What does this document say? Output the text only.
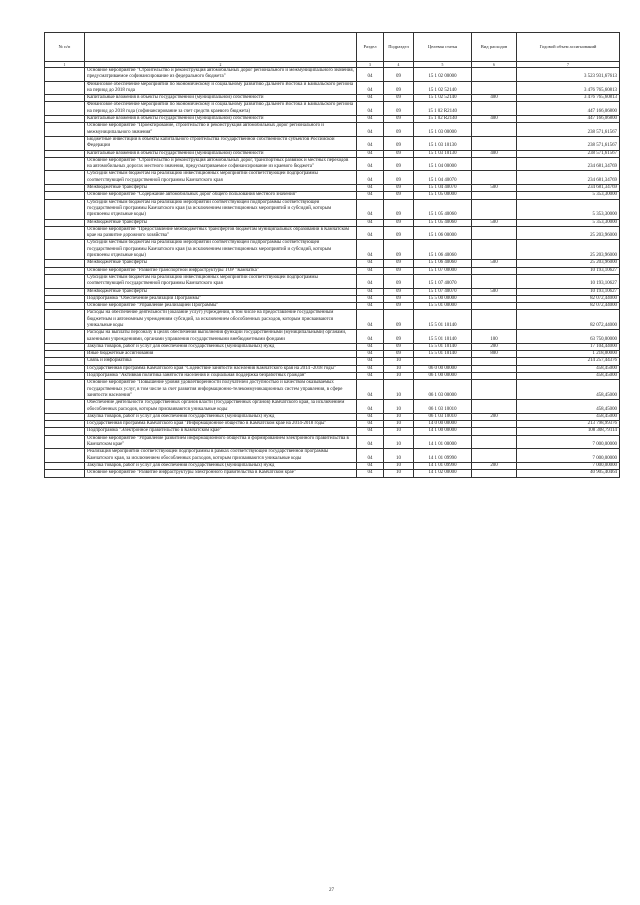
№ п/п		Раздел	Подраздел	Целевая статья	Вид расходов	Годовой объем ассигнований
1	2	3	4	5	6	7
	Основное мероприятие "Строительство и реконструкция автомобильных дорог регионального и межмуниципального значения, предусматриваемое софинансирование из федерального бюджета"	04	09	15 1 02 00000		3 523 931,67613
	Финансовое обеспечение мероприятий по экономическому и социальному развитию Дальнего Востока и Байкальского региона на период до 2018 года	04	09	15 1 02 52140		3 476 765,60813
	Капитальные вложения в объекты государственной (муниципальной) собственности	04	09	15 1 02 52140	400	3 476 765,60813
	Финансовое обеспечение мероприятий по экономическому и социальному развитию Дальнего Востока и Байкальского региона на период до 2018 года (софинансирование за счет средств краевого бюджета)	04	09	15 1 02 R2140		447 166,06800
	Капитальные вложения в объекты государственной (муниципальной) собственности	04	09	15 1 02 R2140	400	447 166,06800
	Основное мероприятие "Проектирование, строительство и реконструкция автомобильных дорог регионального и межмуниципального значения"	04	09	15 1 03 00000		238 571,61567
	Бюджетные инвестиции в объекты капитального строительства государственной собственности субъектов Российской Федерации	04	09	15 1 03 10130		238 571,61567
	Капитальные вложения в объекты государственной (муниципальной) собственности	04	09	15 1 03 10130	400	238 571,61567
	Основное мероприятие "Строительство и реконструкция автомобильных дорог, транспортных развязок и местных переходов на автомобильных дорогах местного значения, предусматриваемое софинансирование из краевого бюджета"	04	09	15 1 04 00000		234 681,34769
	Субсидии местным бюджетам на реализацию инвестиционных мероприятий соответствующей подпрограммы соответствующей государственной программы Камчатского края	04	09	15 1 04 40070		234 681,34769
	Межбюджетные трансферты	04	09	15 1 04 40070	500	234 681,34769
	Основное мероприятие "Содержание автомобильных дорог общего пользования местного значения"	04	09	15 1 05 00000		5 353,30000
	Субсидии местным бюджетам на реализацию мероприятий соответствующей подпрограммы соответствующей государственной программы Камчатского края (за исключением инвестиционных мероприятий и субсидий, которым присвоены отдельные коды)	04	09	15 1 05 40060		5 353,30000
	Межбюджетные трансферты	04	09	15 1 05 40060	500	5 353,30000
	Основное мероприятие "Предоставление межбюджетных трансфертов бюджетам муниципальных образований в Камчатском крае на развитие дорожного хозяйства"	04	09	15 1 06 00000		25 203,96000
	Субсидии местным бюджетам на реализацию мероприятий соответствующей подпрограммы соответствующей государственной программы Камчатского края (за исключением инвестиционных мероприятий и субсидий, которым присвоены отдельные коды)	04	09	15 1 06 40060		25 203,96000
	Межбюджетные трансферты	04	09	15 1 06 40060	500	25 203,96000
	Основное мероприятие "Развитие транспортной инфраструктуры ТОР "Камчатка"	04	09	15 1 07 00000		10 193,10627
	Субсидии местным бюджетам на реализацию инвестиционных мероприятий соответствующей подпрограммы соответствующей государственной программы Камчатского края	04	09	15 1 07 40070		10 193,10627
	Межбюджетные трансферты	04	09	15 1 07 40070	500	10 193,10627
	Подпрограмма "Обеспечение реализации Программы"	04	09	15 5 00 00000		82 072,44000
	Основное мероприятие "Управление реализацией Программы"	04	09	15 5 01 00000		82 072,44000
	Расходы на обеспечение деятельности (оказание услуг) учреждений, в том числе на предоставление государственным бюджетным и автономным учреждениям субсидий, за исключением обособленных расходов, которым присваиваются уникальные коды	04	09	15 5 01 10140		82 072,44000
	Расходы на выплаты персоналу в целях обеспечения выполнения функций государственными (муниципальными) органами, казенными учреждениями, органами управления государственными внебюджетными фондами	04	09	15 5 01 10140	100	63 750,00000
	Закупка товаров, работ и услуг для обеспечения государственных (муниципальных) нужд	04	09	15 5 01 10140	200	17 104,44000
	Иные бюджетные ассигнования	04	09	15 5 01 10140	800	1 218,00000
	Связь и информатика	04	10			214 257,44376
	Государственная программа Камчатского края "Содействие занятости населения Камчатского края на 2014 -2018 годы"	04	10	06 0 00 00000		458,45000
	Подпрограмма "Активная политика занятости населения и социальная поддержка безработных граждан"	04	10	06 1 00 00000		458,45000
	Основное мероприятие "Повышение уровня удовлетворенности получателей доступностью и качеством оказываемых государственных услуг, в том числе за счет развития информационно-телекоммуникационных систем управления, в сфере занятости населения"	04	10	06 1 03 00000		458,45000
	Обеспечение деятельности государственных органов власти (государственных органов) Камчатского края, за исключением обособленных расходов, которым присваиваются уникальные коды	04	10	06 1 03 10010		458,45000
	Закупка товаров, работ и услуг для обеспечения государственных (муниципальных) нужд	04	10	06 1 03 10010	200	458,45000
	Государственная программа Камчатского края "Информационное общество в Камчатском крае на 2014-2018 годы"	04	10	14 0 00 00000		213 798,99376
	Подпрограмма "Электронное правительство в Камчатском крае"	04	10	14 1 00 00000		108 308,79114
	Основное мероприятие "Управление развитием информационного общества и формированием электронного правительства в Камчатском крае"	04	10	14 1 01 00000		7 000,00000
	Реализация мероприятий соответствующей подпрограммы в рамках соответствующей государственной программы Камчатского края, за исключением обособленных расходов, которым присваиваются уникальные коды	04	10	14 1 01 09990		7 000,00000
	Закупка товаров, работ и услуг для обеспечения государственных (муниципальных) нужд	04	10	14 1 01 09990	200	7 000,00000
	Основное мероприятие "Развитие инфраструктуры электронного правительства в Камчатском крае"	04	10	14 1 02 00000		40 905,40464
27
